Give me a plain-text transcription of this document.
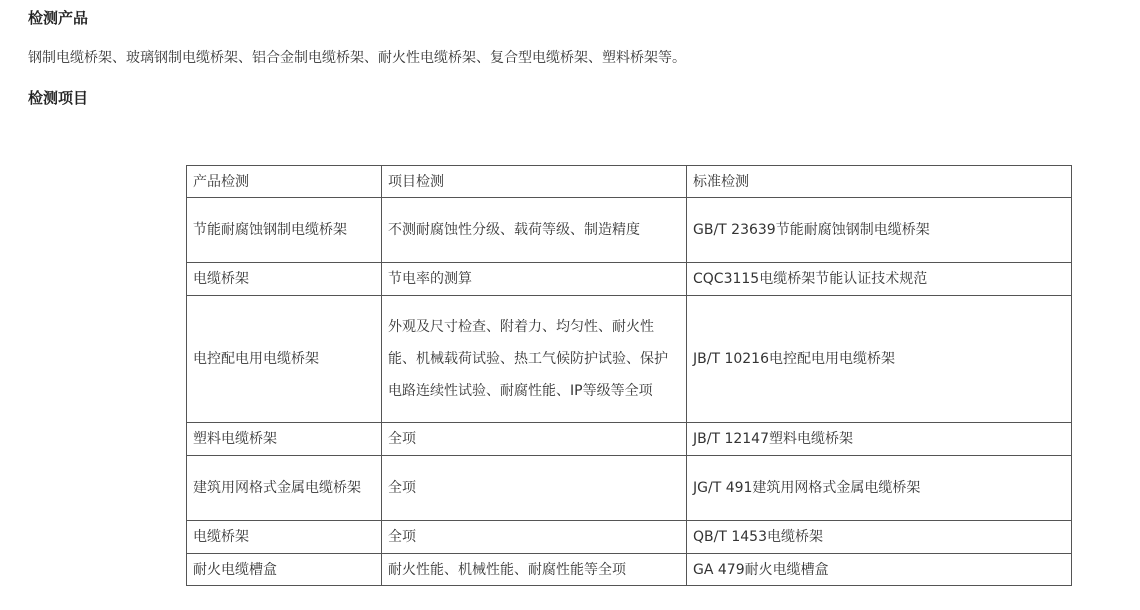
检测产品

钢制电缆桥架、玻璃钢制电缆桥架、铝合金制电缆桥架、耐火性电缆桥架、复合型电缆桥架、塑料桥架等。

检测项目
产品检测	项目检测	标准检测
节能耐腐蚀钢制电缆桥架	不测耐腐蚀性分级、载荷等级、制造精度	GB/T 23639节能耐腐蚀钢制电缆桥架
电缆桥架	节电率的测算	CQC3115电缆桥架节能认证技术规范
电控配电用电缆桥架	外观及尺寸检查、附着力、均匀性、耐火性能、机械载荷试验、热工气候防护试验、保护电路连续性试验、耐腐性能、IP等级等全项	JB/T 10216电控配电用电缆桥架
塑料电缆桥架	全项	JB/T 12147塑料电缆桥架
建筑用网格式金属电缆桥架	全项	JG/T 491建筑用网格式金属电缆桥架
电缆桥架	全项	QB/T 1453电缆桥架
耐火电缆槽盒	耐火性能、机械性能、耐腐性能等全项	GA 479耐火电缆槽盒
